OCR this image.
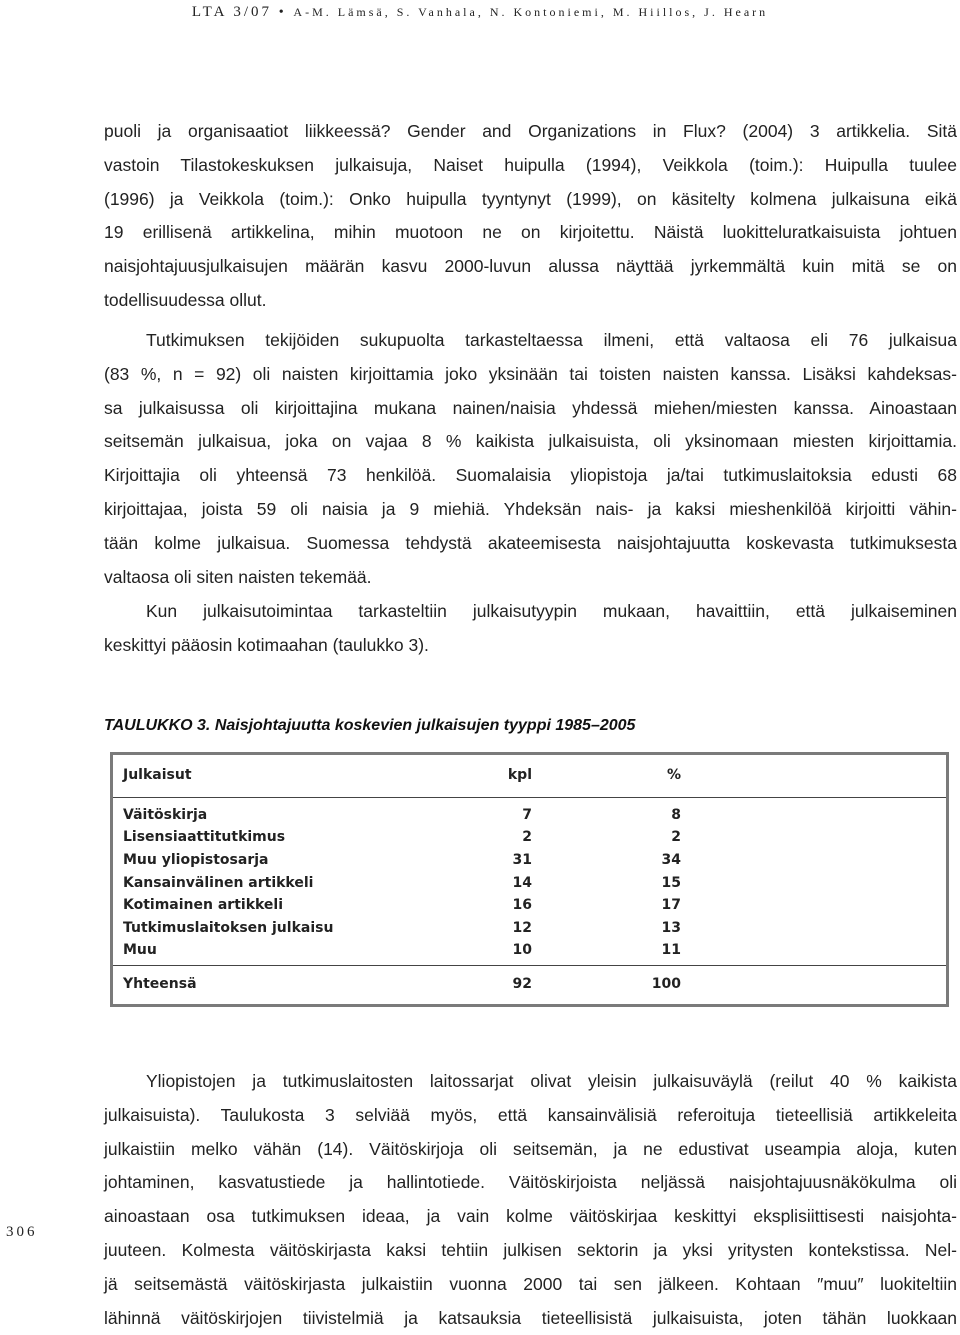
LTA 3/07 • A-M. Lämsä, S. Vanhala, N. Kontoniemi, M. Hiillos, J. Hearn
puoli ja organisaatiot liikkeessä? Gender and Organizations in Flux? (2004) 3 artikkelia. Sitä
vastoin Tilastokeskuksen julkaisuja, Naiset huipulla (1994), Veikkola (toim.): Huipulla tuulee
(1996) ja Veikkola (toim.): Onko huipulla tyyntynyt (1999), on käsitelty kolmena julkaisuna eikä
19 erillisenä artikkelina, mihin muotoon ne on kirjoitettu. Näistä luokitteluratkaisuista johtuen
naisjohtajuusjulkaisujen määrän kasvu 2000-luvun alussa näyttää jyrkemmältä kuin mitä se on
todellisuudessa ollut.
Tutkimuksen tekijöiden sukupuolta tarkasteltaessa ilmeni, että valtaosa eli 76 julkaisua
(83 %, n = 92) oli naisten kirjoittamia joko yksinään tai toisten naisten kanssa. Lisäksi kahdeksas-
sa julkaisussa oli kirjoittajina mukana nainen/naisia yhdessä miehen/miesten kanssa. Ainoastaan
seitsemän julkaisua, joka on vajaa 8 % kaikista julkaisuista, oli yksinomaan miesten kirjoittamia.
Kirjoittajia oli yhteensä 73 henkilöä. Suomalaisia yliopistoja ja/tai tutkimuslaitoksia edusti 68
kirjoittajaa, joista 59 oli naisia ja 9 miehiä. Yhdeksän nais- ja kaksi mieshenkilöä kirjoitti vähin-
tään kolme julkaisua. Suomessa tehdystä akateemisesta naisjohtajuutta koskevasta tutkimuksesta
valtaosa oli siten naisten tekemää.
Kun julkaisutoimintaa tarkasteltiin julkaisutyypin mukaan, havaittiin, että julkaiseminen
keskittyi pääosin kotimaahan (taulukko 3).
TAULUKKO 3. Naisjohtajuutta koskevien julkaisujen tyyppi 1985–2005
Julkaisut	kpl	%
Väitöskirja	7	8
Lisensiaattitutkimus	2	2
Muu yliopistosarja	31	34
Kansainvälinen artikkeli	14	15
Kotimainen artikkeli	16	17
Tutkimuslaitoksen julkaisu	12	13
Muu	10	11
Yhteensä	92	100
Yliopistojen ja tutkimuslaitosten laitossarjat olivat yleisin julkaisuväylä (reilut 40 % kaikista
julkaisuista). Taulukosta 3 selviää myös, että kansainvälisiä referoituja tieteellisiä artikkeleita
julkaistiin melko vähän (14). Väitöskirjoja oli seitsemän, ja ne edustivat useampia aloja, kuten
johtaminen, kasvatustiede ja hallintotiede. Väitöskirjoista neljässä naisjohtajuusnäkökulma oli
ainoastaan osa tutkimuksen ideaa, ja vain kolme väitöskirjaa keskittyi eksplisiittisesti naisjohta-
juuteen. Kolmesta väitöskirjasta kaksi tehtiin julkisen sektorin ja yksi yritysten kontekstissa. Nel-
jä seitsemästä väitöskirjasta julkaistiin vuonna 2000 tai sen jälkeen. Kohtaan ″muu″ luokiteltiin
lähinnä väitöskirjojen tiivistelmiä ja katsauksia tieteellisistä julkaisuista, joten tähän luokkaan
306
